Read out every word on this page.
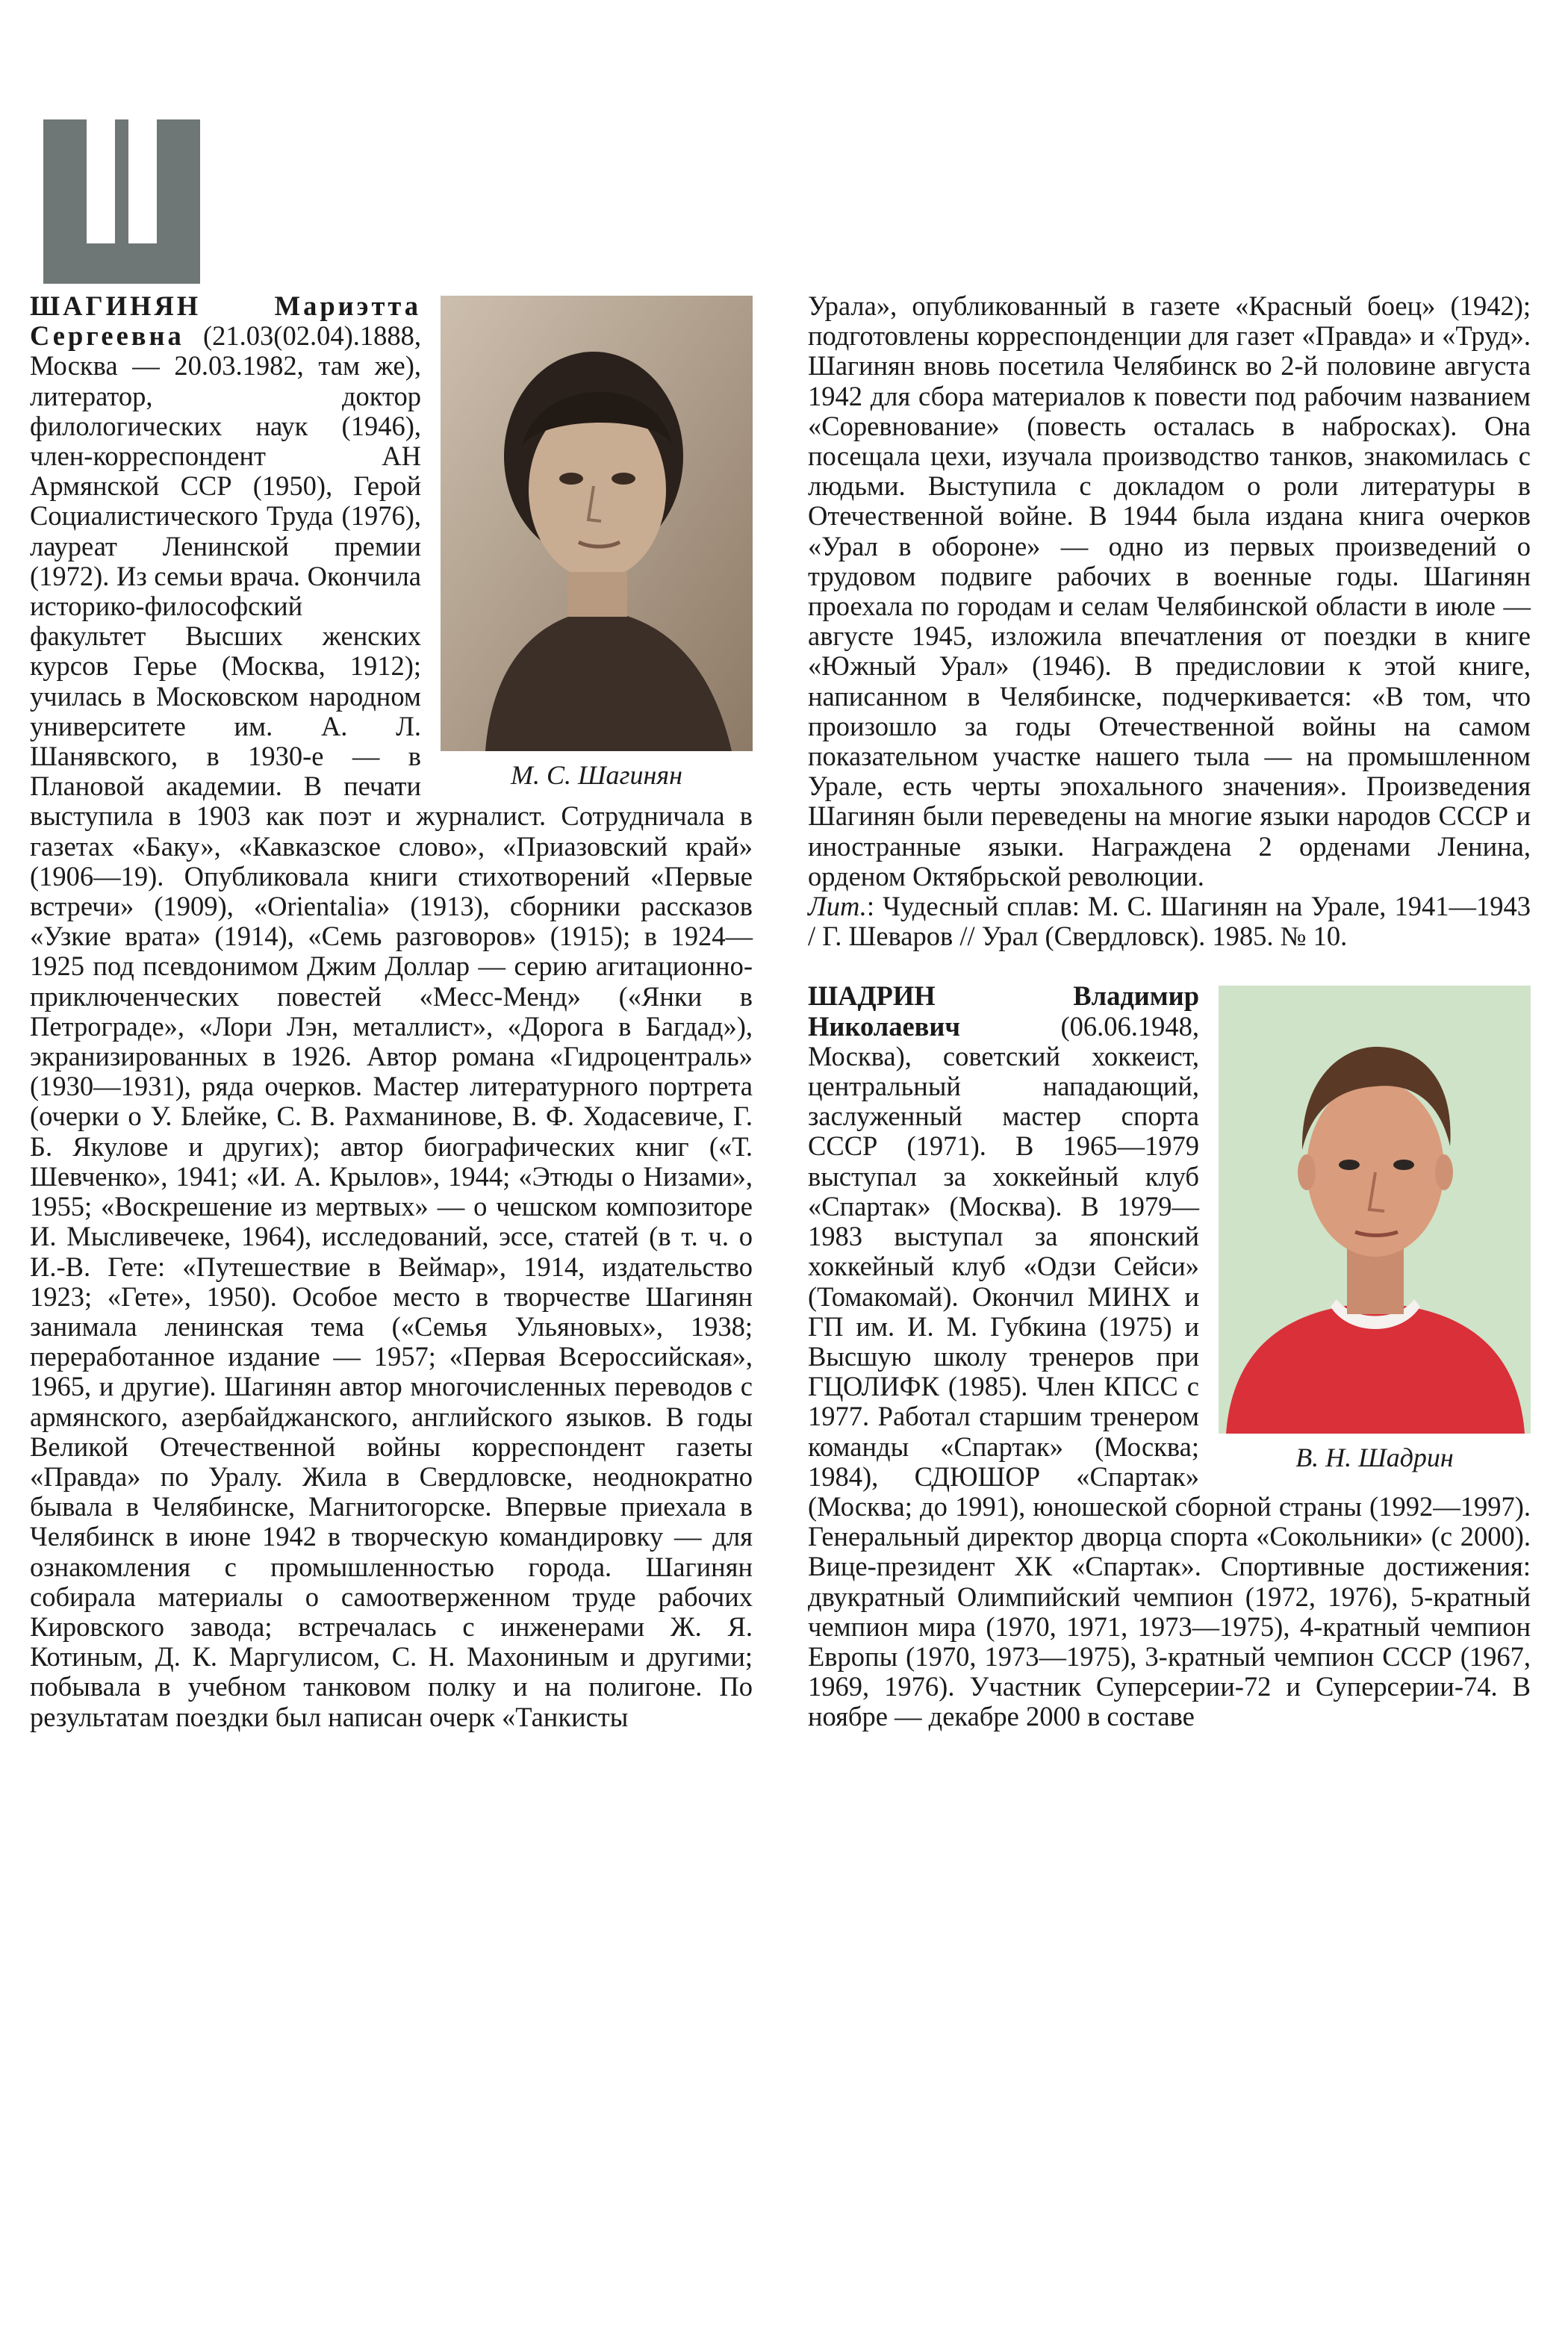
М. С. Шагинян

ШАГИНЯН	Мариэтта Сергеевна (21.03(02.04).1888, Москва — 20.03.1982, там же), литератор, доктор филологических наук (1946), член-корреспондент АН Армянской ССР (1950), Герой Социалистического Труда (1976), лауреат Ленинской премии (1972). Из семьи врача. Окончила историко-философский факультет Высших женских курсов Герье (Москва, 1912); училась в Московском народном университете им. А. Л. Шанявского, в 1930-е — в Плановой академии. В печати выступила в 1903 как поэт и журналист. Сотрудничала в газетах «Баку», «Кавказское слово», «Приазовский край» (1906—19). Опубликовала книги стихотворений «Первые встречи» (1909), «Orientalia» (1913), сборники рассказов «Узкие врата» (1914), «Семь разговоров» (1915); в 1924—1925 под псевдонимом Джим Доллар — серию агитационно-приключенческих повестей «Месс-Менд» («Янки в Петрограде», «Лори Лэн, металлист», «Дорога в Багдад»), экранизированных в 1926. Автор романа «Гидроцентраль» (1930—1931), ряда очерков. Мастер литературного портрета (очерки о У. Блейке, С. В. Рахманинове, В. Ф. Ходасевиче, Г. Б. Якулове и других); автор биографических книг («Т. Шевченко», 1941; «И. А. Крылов», 1944; «Этюды о Низами», 1955; «Воскрешение из мертвых» — о чешском композиторе И. Мысливечеке, 1964), исследований, эссе, статей (в т. ч. о И.-В. Гете: «Путешествие в Веймар», 1914, издательство 1923; «Гете», 1950). Особое место в творчестве Шагинян занимала ленинская тема («Семья Ульяновых», 1938; переработанное издание — 1957; «Первая Всероссийская», 1965, и другие). Шагинян автор многочисленных переводов с армянского, азербайджанского, английского языков. В годы Великой Отечественной войны корреспондент газеты «Правда» по Уралу. Жила в Свердловске, неоднократно бывала в Челябинске, Магнитогорске. Впервые приехала в Челябинск в июне 1942 в творческую командировку — для ознакомления с промышленностью города. Шагинян собирала материалы о самоотверженном труде рабочих Кировского завода; встречалась с инженерами Ж. Я. Котиным, Д. К. Маргулисом, С. Н. Махониным и другими; побывала в учебном танковом полку и на полигоне. По результатам поездки был написан очерк «Танкисты

Урала», опубликованный в газете «Красный боец» (1942); подготовлены корреспонденции для газет «Правда» и «Труд». Шагинян вновь посетила Челябинск во 2-й половине августа 1942 для сбора материалов к повести под рабочим названием «Соревнование» (повесть осталась в набросках). Она посещала цехи, изучала производство танков, знакомилась с людьми. Выступила с докладом о роли литературы в Отечественной войне. В 1944 была издана книга очерков «Урал в обороне» — одно из первых произведений о трудовом подвиге рабочих в военные годы. Шагинян проехала по городам и селам Челябинской области в июле — августе 1945, изложила впечатления от поездки в книге «Южный Урал» (1946). В предисловии к этой книге, написанном в Челябинске, подчеркивается: «В том, что произошло за годы Отечественной войны на самом показательном участке нашего тыла — на промышленном Урале, есть черты эпохального значения». Произведения Шагинян были переведены на многие языки народов СССР и иностранные языки. Награждена 2 орденами Ленина, орденом Октябрьской революции.

Лит.: Чудесный сплав: М. С. Шагинян на Урале, 1941—1943 / Г. Шеваров // Урал (Свердловск). 1985. № 10.

В. Н. Шадрин

ШАДРИН Владимир Николаевич (06.06.1948, Москва), советский хоккеист, центральный нападающий, заслуженный мастер спорта СССР (1971). В 1965—1979 выступал за хоккейный клуб «Спартак» (Москва). В 1979—1983 выступал за японский хоккейный клуб «Одзи Сейси» (Томакомай). Окончил МИНХ и ГП им. И. М. Губкина (1975) и Высшую школу тренеров при ГЦОЛИФК (1985). Член КПСС с 1977. Работал старшим тренером команды «Спартак» (Москва; 1984), СДЮШОР «Спартак» (Москва; до 1991), юношеской сборной страны (1992—1997). Генеральный директор дворца спорта «Сокольники» (с 2000). Вице-президент ХК «Спартак». Спортивные достижения: двукратный Олимпийский чемпион (1972, 1976), 5-кратный чемпион мира (1970, 1971, 1973—1975), 4-кратный чемпион Европы (1970, 1973—1975), 3-кратный чемпион СССР (1967, 1969, 1976). Участник Суперсерии-72 и Суперсерии-74. В ноябре — декабре 2000 в составе
